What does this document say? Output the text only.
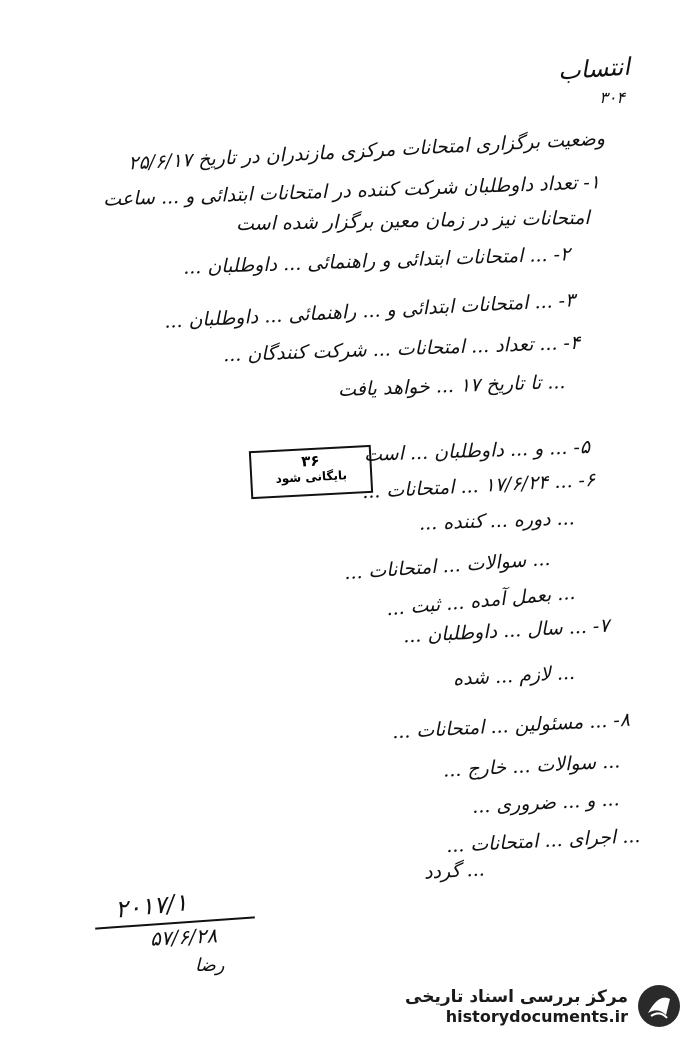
انتساب
۳۰۴
وضعیت برگزاری امتحانات مرکزی مازندران در تاریخ ۲۵/۶/۱۷
۱- تعداد داوطلبان شرکت کننده در امتحانات ابتدائی و ... ساعت
امتحانات نیز در زمان معین برگزار شده است
۲- ... امتحانات ابتدائی و راهنمائی ... داوطلبان ...
۳- ... امتحانات ابتدائی و ... راهنمائی ... داوطلبان ...
۴- ... تعداد ... امتحانات ... شرکت کنندگان ...
... تا تاریخ ۱۷ ... خواهد یافت
۵- ... و ... داوطلبان ... است
۶- ... ۱۷/۶/۲۴ ... امتحانات ...
... دوره ... کننده ...
... سوالات ... امتحانات ...
... بعمل آمده ... ثبت ...
۷- ... سال ... داوطلبان ...
... لازم ... شده
۸- ... مسئولین ... امتحانات ...
... سوالات ... خارج ...
... و ... ضروری ...
... اجرای ... امتحانات ...
... گردد
۳۶
بایگانی شود
۲۰۱۷/۱
۵۷/۶/۲۸
رضا
مرکز بررسی اسناد تاریخی
historydocuments.ir
